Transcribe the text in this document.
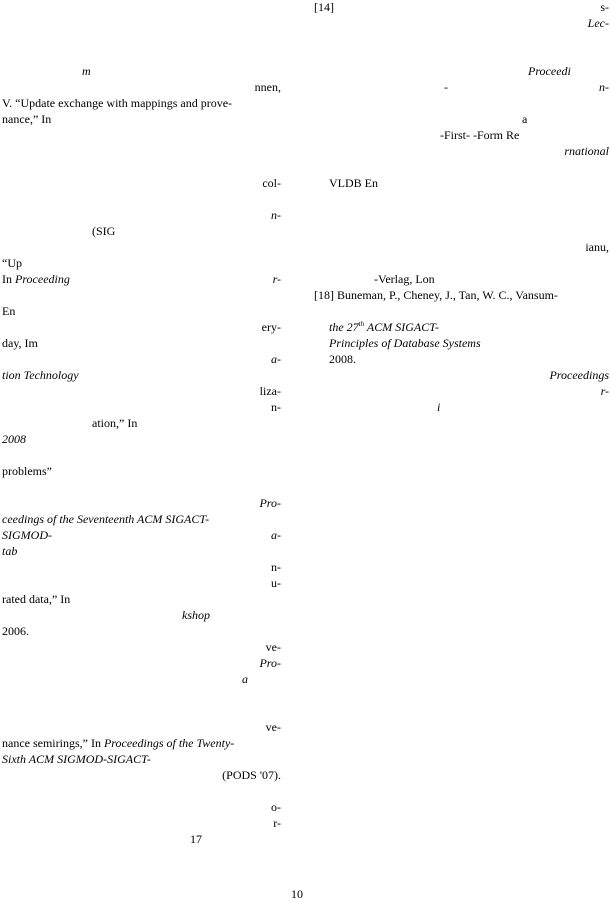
m
nnen,
V. “Update exchange with mappings and prove-
nance,” In
col-
n-
(SIG
“Up
In Proceeding	r-
En
ery-
day, Im
a-
tion Technology
liza-
n-
ation,” In
2008
problems”
Pro-
ceedings of the Seventeenth ACM SIGACT-
SIGMOD-	a-
tab
n-
u-
rated data,” In
kshop
2006.
ve-
Pro-
a
ve-
nance semirings,” In Proceedings of the Twenty-
Sixth ACM SIGMOD-SIGACT-
(PODS '07).
o-
r-
17
[14]	s-
Lec-
Proceedi
-	n-
a
-First- -Form Re
rnational
VLDB En
ianu,
-Verlag, Lon
[18] Buneman, P., Cheney, J., Tan, W. C., Vansum-
the 27th ACM SIGACT-
Principles of Database Systems
2008.
Proceedings
r-
i
10
